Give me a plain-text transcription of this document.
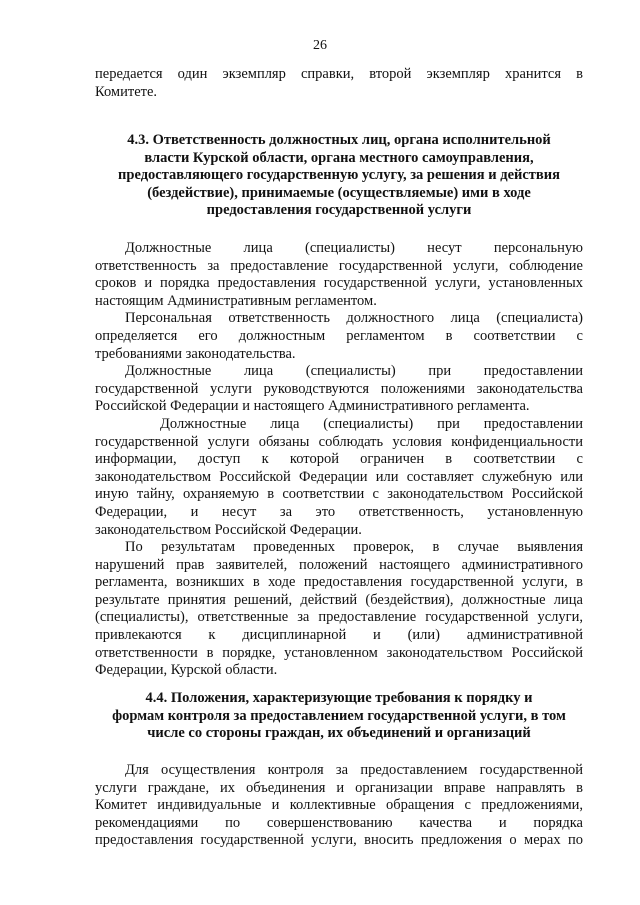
26

передается один экземпляр справки, второй экземпляр хранится в

Комитете.

4.3. Ответственность должностных лиц, органа исполнительной
власти Курской области, органа местного самоуправления,
предоставляющего государственную услугу, за решения и действия
(бездействие), принимаемые (осуществляемые) ими в ходе
предоставления государственной услуги

Должностные лица (специалисты) несут персональную

ответственность за предоставление государственной услуги, соблюдение

сроков и порядка предоставления государственной услуги, установленных

настоящим Административным регламентом.

Персональная ответственность должностного лица (специалиста)

определяется его должностным регламентом в соответствии с

требованиями законодательства.

Должностные лица (специалисты) при предоставлении

государственной услуги руководствуются положениями законодательства

Российской Федерации и настоящего Административного регламента.

Должностные лица (специалисты) при предоставлении

государственной услуги обязаны соблюдать условия конфиденциальности

информации, доступ к которой ограничен в соответствии с

законодательством Российской Федерации или составляет служебную или

иную тайну, охраняемую в соответствии с законодательством Российской

Федерации, и несут за это ответственность, установленную

законодательством Российской Федерации.

По результатам проведенных проверок, в случае выявления

нарушений прав заявителей, положений настоящего административного

регламента, возникших в ходе предоставления государственной услуги, в

результате принятия решений, действий (бездействия), должностные лица

(специалисты), ответственные за предоставление государственной услуги,

привлекаются к дисциплинарной и (или) административной

ответственности в порядке, установленном законодательством Российской

Федерации, Курской области.

4.4. Положения, характеризующие требования к порядку и
формам контроля за предоставлением государственной услуги, в том
числе со стороны граждан, их объединений и организаций

Для осуществления контроля за предоставлением государственной

услуги граждане, их объединения и организации вправе направлять в

Комитет индивидуальные и коллективные обращения с предложениями,

рекомендациями по совершенствованию качества и порядка

предоставления государственной услуги, вносить предложения о мерах по
